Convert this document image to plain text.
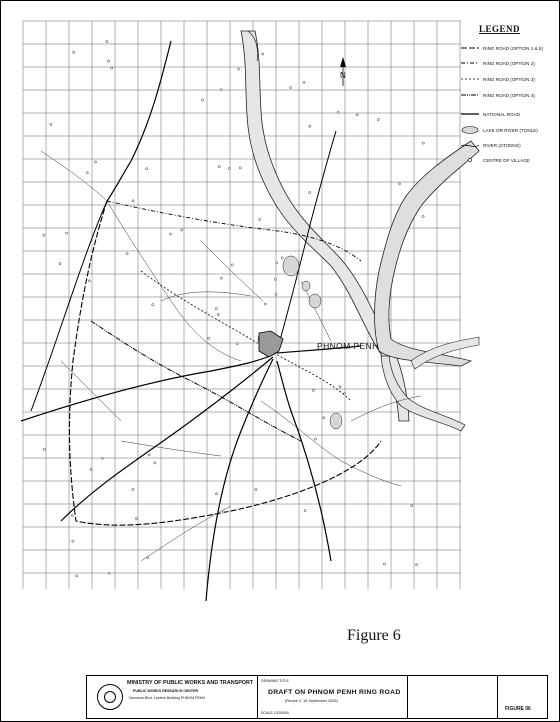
N
LEGEND
RING ROAD (OPTION 1 & 5)
RING ROAD (OPTION 2)
RING ROAD (OPTION 3)
RING ROAD (OPTION 4)
NATIONAL ROAD
LAKE OR RIVER (TONLE)
RIVER (STOENG)
CENTRE OF VILLAGE
PHNOM PENH
Figure 6
MINISTRY OF PUBLIC WORKS AND TRANSPORT
PUBLIC WORKS RESEARCH CENTER
Norodom Blvd, Lantern Building PHNOM PENH
DRAWING TITLE
DRAFT ON PHNOM PENH RING ROAD
(Revise 2, 15 September 2005)
SCALE 1/200000
FIGURE 06
